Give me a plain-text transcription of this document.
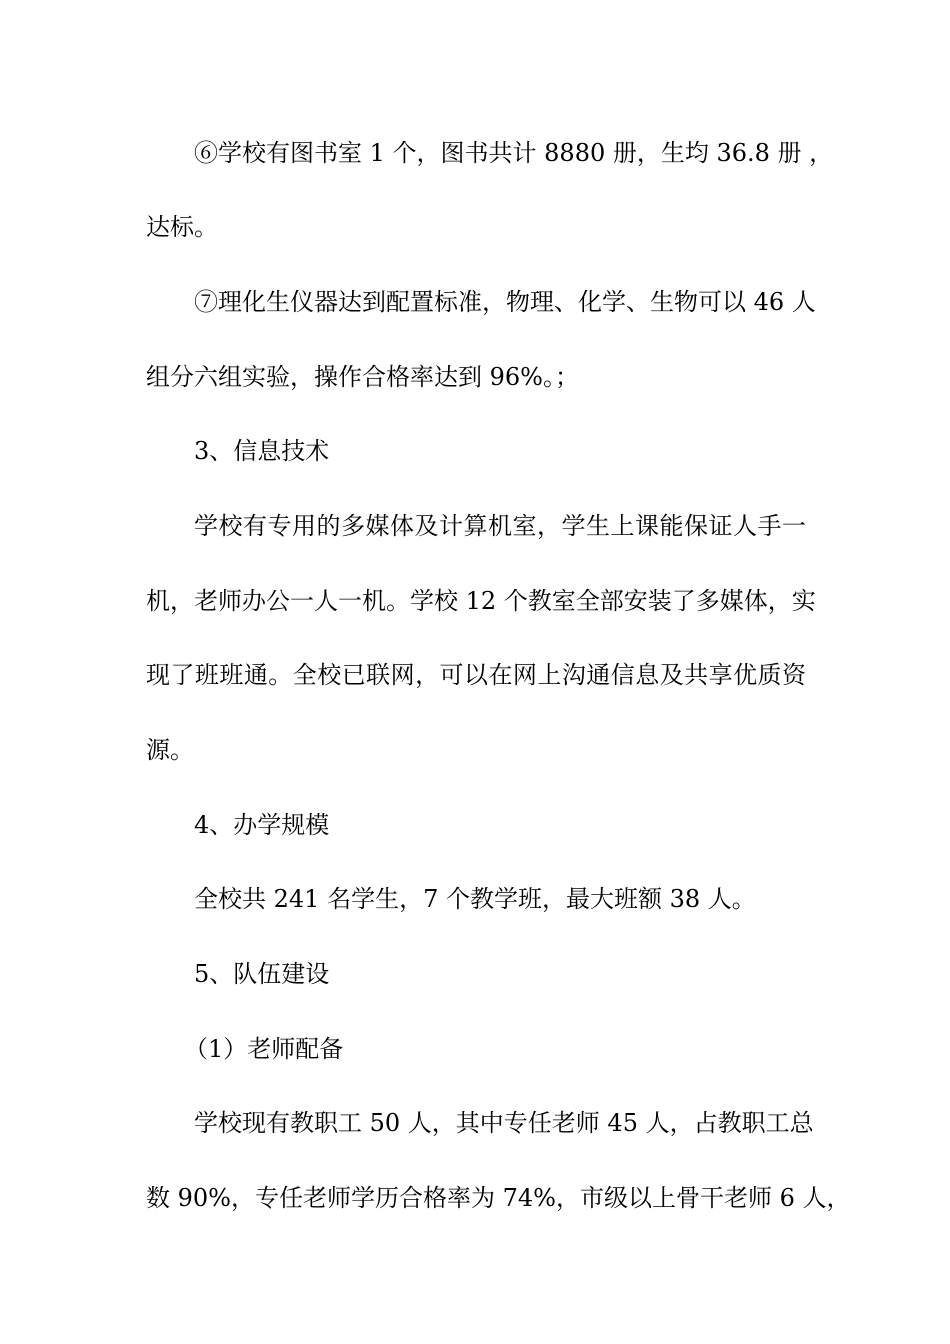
⑥学校有图书室 1 个，图书共计 8880 册，生均 36.8 册 ，
达标。
⑦理化生仪器达到配置标准，物理、化学、生物可以 46 人
组分六组实验，操作合格率达到 96%。；
3、信息技术
学校有专用的多媒体及计算机室，学生上课能保证人手一
机，老师办公一人一机。学校 12 个教室全部安装了多媒体，实
现了班班通。全校已联网，可以在网上沟通信息及共享优质资
源。
4、办学规模
全校共 241 名学生，7 个教学班，最大班额 38 人。
5、队伍建设
（1）老师配备
学校现有教职工 50 人，其中专任老师 45 人，占教职工总
数 90%，专任老师学历合格率为 74%，市级以上骨干老师 6 人，
